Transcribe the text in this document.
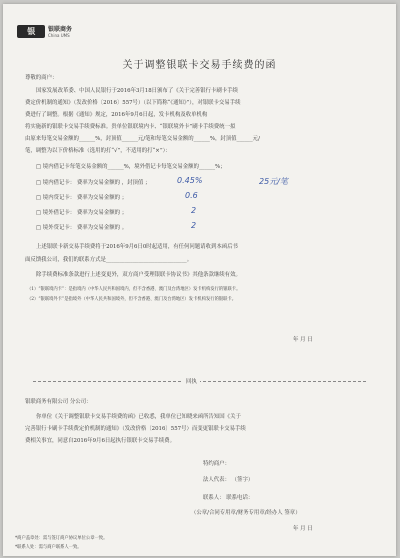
银	银联商务
China UMS
关于调整银联卡交易手续费的函
尊敬的商户：
国家发展改革委、中国人民银行于2016年3月18日颁布了《关于完善银行卡刷卡手续
费定价机制的通知》（发改价格〔2016〕557号）（以下简称“《通知》”），对银联卡交易手续
费进行了调整。根据《通知》规定，2016年9月6日起，发卡机构及收单机构
将实施新的银联卡交易手续费标准。贵单位银联境内卡、“银联境外卡”刷卡手续费统一拟
由原来每笔交易金额的______%，封顶值______元/笔和每笔交易金额的______%，封顶值______元/
笔，调整为以下价格标准（选用的打“√”，不适用的打“×”）：
□ 境内借记卡每笔交易金额的______%，境外借记卡每笔交易金额的______%；
□ 境内借记卡： 费率为交易金额的 ，封顶值 ；
□ 境内贷记卡： 费率为交易金额的 ；
□ 境外借记卡： 费率为交易金额的 ；
□ 境外贷记卡： 费率为交易金额的 。
0.45%	25元/笔
0.6
2
2
上述银联卡新交易手续费将于2016年9月6日0时起适用，有任何问题请收到本函后书
面反馈我公司，我们的联系方式是______________________________。
除手续费标准条款进行上述变更外，双方商户受理银联卡协议书》其他条款继续有效。
（1）“银联境内卡”：是指境内（中华人民共和国境内，但不含香港、澳门及台湾地区）发卡机构发行的银联卡。
（2）“银联境外卡”是指境外（中华人民共和国境外，但不含香港、澳门及台湾地区）发卡机构发行的银联卡。
年 月 日
回执
银联商务有限公司 分公司：
你单位《关于调整银联卡交易手续费的函》已收悉，我单位已知晓来函所告知国《关于
完善银行卡刷卡手续费定价机制的通知》（发改价格〔2016〕557号）而变更银联卡交易手续
费相关事宜，同意自2016年9月6日起执行银联卡交易手续费。
特约商户：
法人代表： （签字）
联系人： 联系电话：
（公章/合同专用章/财务专用章/经办人 签章）
年 月 日
*商户盖章处：需与签订商户协议单位公章一致。
*联系人处：需与商户联系人一致。
